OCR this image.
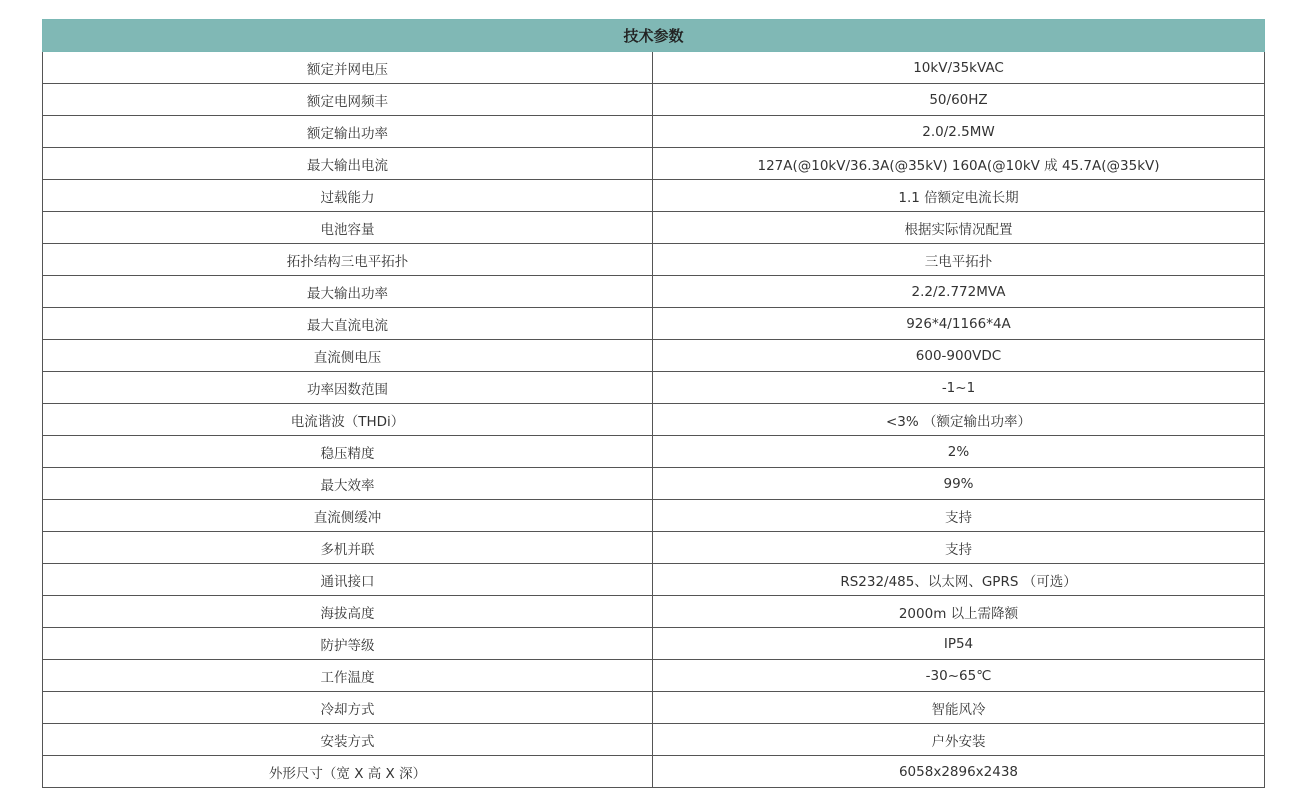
技术参数	
额定并网电压	10kV/35kVAC
额定电网频丰	50/60HZ
额定输出功率	2.0/2.5MW
最大输出电流	127A(@10kV/36.3A(@35kV) 160A(@10kV 成 45.7A(@35kV)
过载能力	1.1 倍额定电流长期
电池容量	根据实际情况配置
拓扑结构三电平拓扑	三电平拓扑
最大输出功率	2.2/2.772MVA
最大直流电流	926*4/1166*4A
直流侧电压	600-900VDC
功率因数范围	-1~1
电流谐波（THDi）	<3% （额定输出功率）
稳压精度	2%
最大效率	99%
直流侧缓冲	支持
多机并联	支持
通讯接口	RS232/485、以太网、GPRS （可选）
海拔高度	2000m 以上需降额
防护等级	IP54
工作温度	-30~65℃
冷却方式	智能风冷
安装方式	户外安装
外形尺寸（宽 X 高 X 深）	6058x2896x2438
